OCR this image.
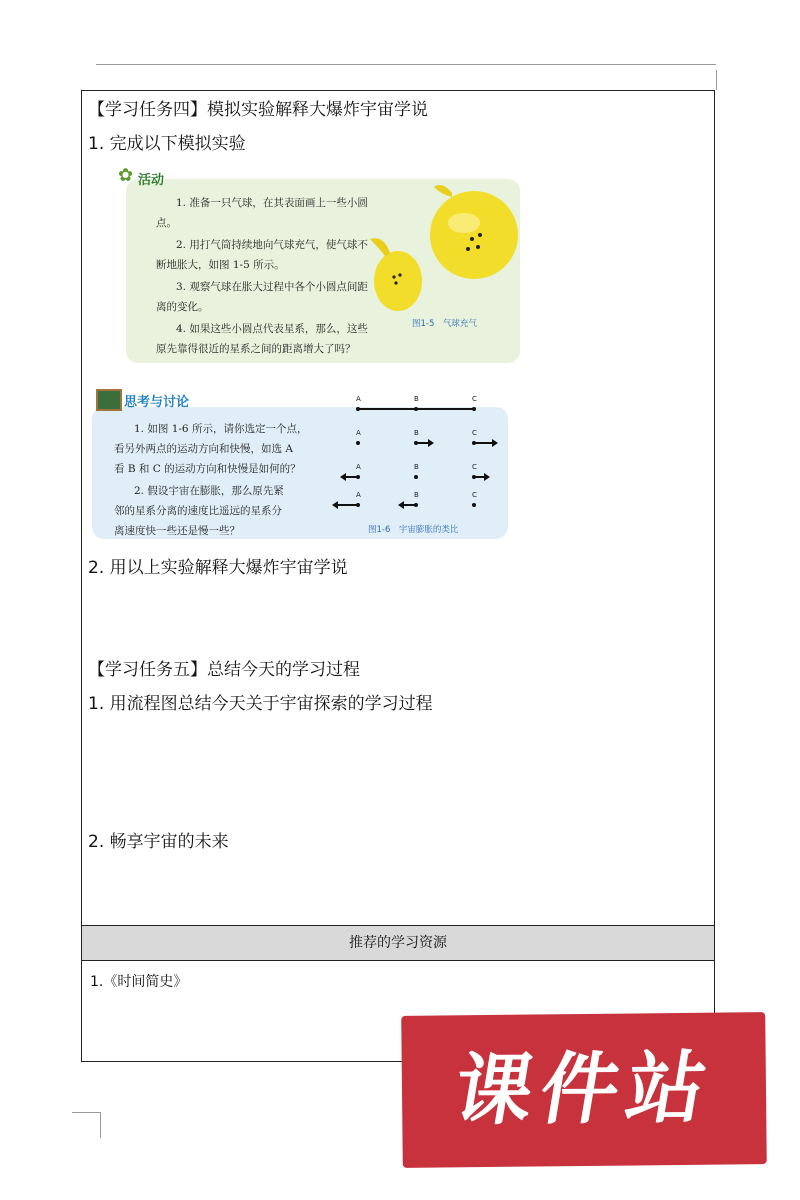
【学习任务四】模拟实验解释大爆炸宇宙学说
1. 完成以下模拟实验
✿ 活动
1. 准备一只气球，在其表面画上一些小圆
点。
2. 用打气筒持续地向气球充气，使气球不
断地胀大，如图 1-5 所示。
3. 观察气球在胀大过程中各个小圆点间距
离的变化。
4. 如果这些小圆点代表星系，那么，这些
原先靠得很近的星系之间的距离增大了吗？
图1-5　气球充气
思考与讨论
1. 如图 1-6 所示，请你选定一个点，
看另外两点的运动方向和快慢，如选 A
看 B 和 C 的运动方向和快慢是如何的？
2. 假设宇宙在膨胀，那么原先紧
邻的星系分离的速度比遥远的星系分
离速度快一些还是慢一些？	图1-6　宇宙膨胀的类比
A	B	C
A	B	C
A	B	C
A	B	C
2. 用以上实验解释大爆炸宇宙学说
【学习任务五】总结今天的学习过程
1. 用流程图总结今天关于宇宙探索的学习过程
2. 畅享宇宙的未来
推荐的学习资源
1.《时间简史》
课件站
